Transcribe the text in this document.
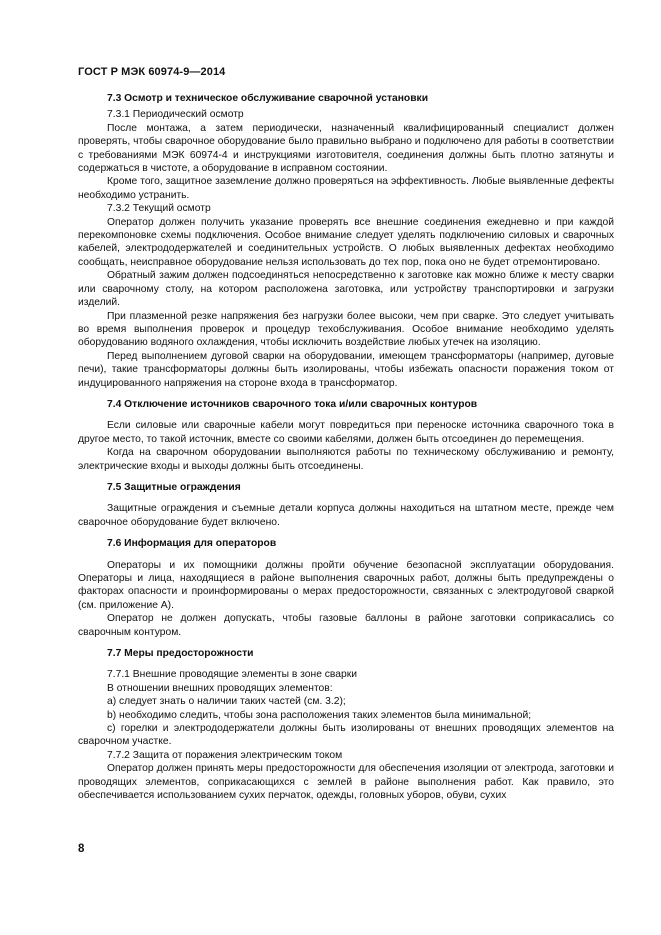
ГОСТ Р МЭК 60974-9—2014
7.3 Осмотр и техническое обслуживание сварочной установки

7.3.1 Периодический осмотр

После монтажа, а затем периодически, назначенный квалифицированный специалист должен проверять, чтобы сварочное оборудование было правильно выбрано и подключено для работы в соответствии с требованиями МЭК 60974-4 и инструкциями изготовителя, соединения должны быть плотно затянуты и содержаться в чистоте, а оборудование в исправном состоянии.

Кроме того, защитное заземление должно проверяться на эффективность. Любые выявленные дефекты необходимо устранить.

7.3.2 Текущий осмотр

Оператор должен получить указание проверять все внешние соединения ежедневно и при каждой перекомпоновке схемы подключения. Особое внимание следует уделять подключению силовых и сварочных кабелей, электрододержателей и соединительных устройств. О любых выявленных дефектах необходимо сообщать, неисправное оборудование нельзя использовать до тех пор, пока оно не будет отремонтировано.

Обратный зажим должен подсоединяться непосредственно к заготовке как можно ближе к месту сварки или сварочному столу, на котором расположена заготовка, или устройству транспортировки и загрузки изделий.

При плазменной резке напряжения без нагрузки более высоки, чем при сварке. Это следует учитывать во время выполнения проверок и процедур техобслуживания. Особое внимание необходимо уделять оборудованию водяного охлаждения, чтобы исключить воздействие любых утечек на изоляцию.

Перед выполнением дуговой сварки на оборудовании, имеющем трансформаторы (например, дуговые печи), такие трансформаторы должны быть изолированы, чтобы избежать опасности поражения током от индуцированного напряжения на стороне входа в трансформатор.

7.4 Отключение источников сварочного тока и/или сварочных контуров

Если силовые или сварочные кабели могут повредиться при переноске источника сварочного тока в другое место, то такой источник, вместе со своими кабелями, должен быть отсоединен до перемещения.

Когда на сварочном оборудовании выполняются работы по техническому обслуживанию и ремонту, электрические входы и выходы должны быть отсоединены.

7.5 Защитные ограждения

Защитные ограждения и съемные детали корпуса должны находиться на штатном месте, прежде чем сварочное оборудование будет включено.

7.6 Информация для операторов

Операторы и их помощники должны пройти обучение безопасной эксплуатации оборудования. Операторы и лица, находящиеся в районе выполнения сварочных работ, должны быть предупреждены о факторах опасности и проинформированы о мерах предосторожности, связанных с электродуговой сваркой (см. приложение А).

Оператор не должен допускать, чтобы газовые баллоны в районе заготовки соприкасались со сварочным контуром.

7.7 Меры предосторожности

7.7.1 Внешние проводящие элементы в зоне сварки

В отношении внешних проводящих элементов:

a) следует знать о наличии таких частей (см. 3.2);

b) необходимо следить, чтобы зона расположения таких элементов была минимальной;

c) горелки и электрододержатели должны быть изолированы от внешних проводящих элементов на сварочном участке.

7.7.2 Защита от поражения электрическим током

Оператор должен принять меры предосторожности для обеспечения изоляции от электрода, заготовки и проводящих элементов, соприкасающихся с землей в районе выполнения работ. Как правило, это обеспечивается использованием сухих перчаток, одежды, головных уборов, обуви, сухих

8
